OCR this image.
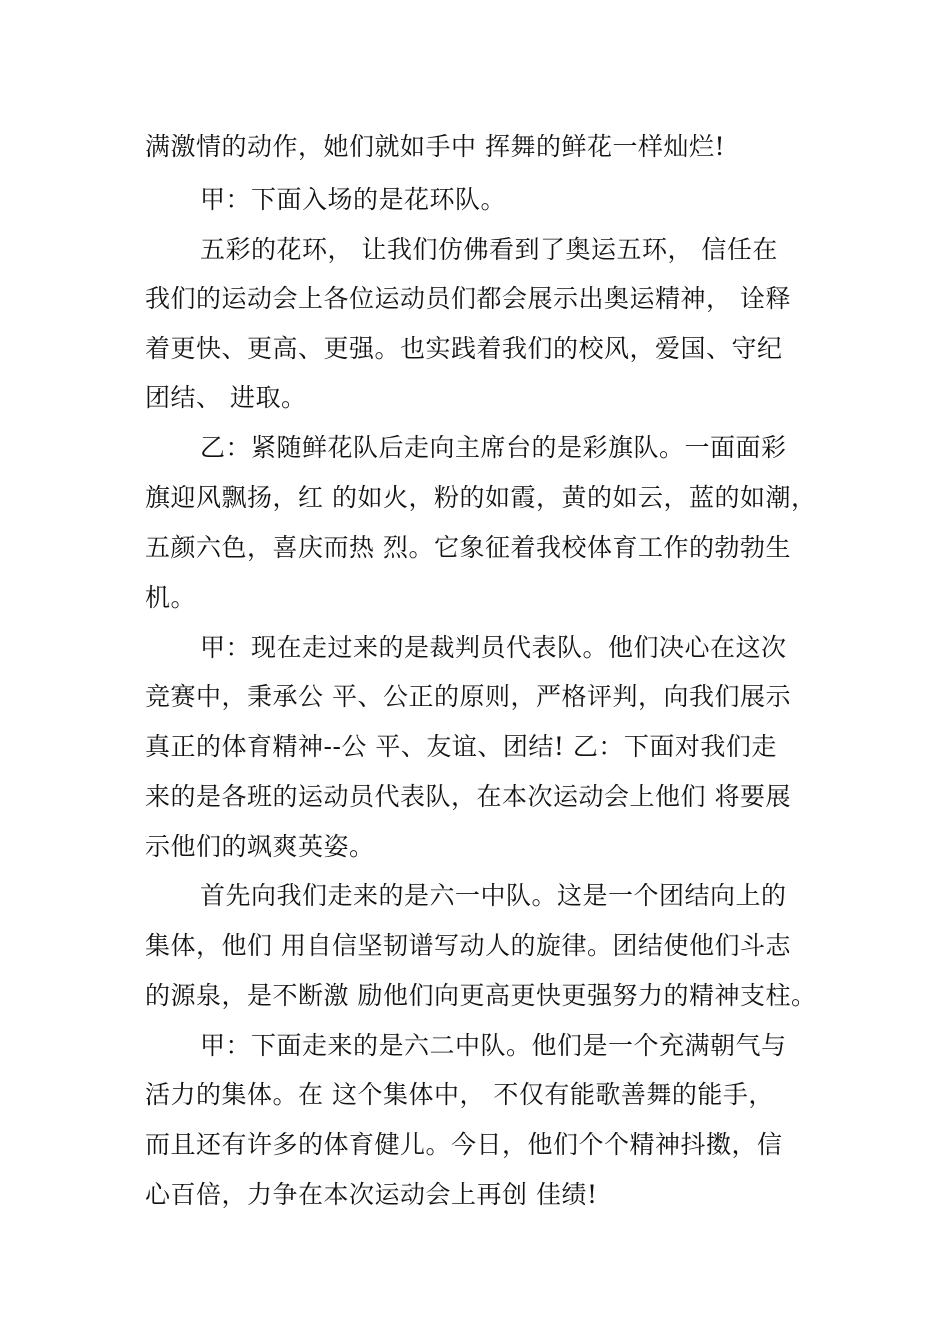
满激情的动作，她们就如手中 挥舞的鲜花一样灿烂!
甲：下面入场的是花环队。
五彩的花环， 让我们仿佛看到了奥运五环， 信任在
我们的运动会上各位运动员们都会展示出奥运精神， 诠释
着更快、更高、更强。也实践着我们的校风，爱国、守纪
团结、 进取。
乙：紧随鲜花队后走向主席台的是彩旗队。一面面彩
旗迎风飘扬，红 的如火，粉的如霞，黄的如云，蓝的如潮，
五颜六色，喜庆而热 烈。它象征着我校体育工作的勃勃生
机。
甲：现在走过来的是裁判员代表队。他们决心在这次
竞赛中，秉承公 平、公正的原则，严格评判，向我们展示
真正的体育精神--公 平、友谊、团结! 乙：下面对我们走
来的是各班的运动员代表队，在本次运动会上他们 将要展
示他们的飒爽英姿。
首先向我们走来的是六一中队。这是一个团结向上的
集体，他们 用自信坚韧谱写动人的旋律。团结使他们斗志
的源泉，是不断激 励他们向更高更快更强努力的精神支柱。
甲：下面走来的是六二中队。他们是一个充满朝气与
活力的集体。在 这个集体中， 不仅有能歌善舞的能手，
而且还有许多的体育健儿。今日，他们个个精神抖擞，信
心百倍，力争在本次运动会上再创 佳绩!
